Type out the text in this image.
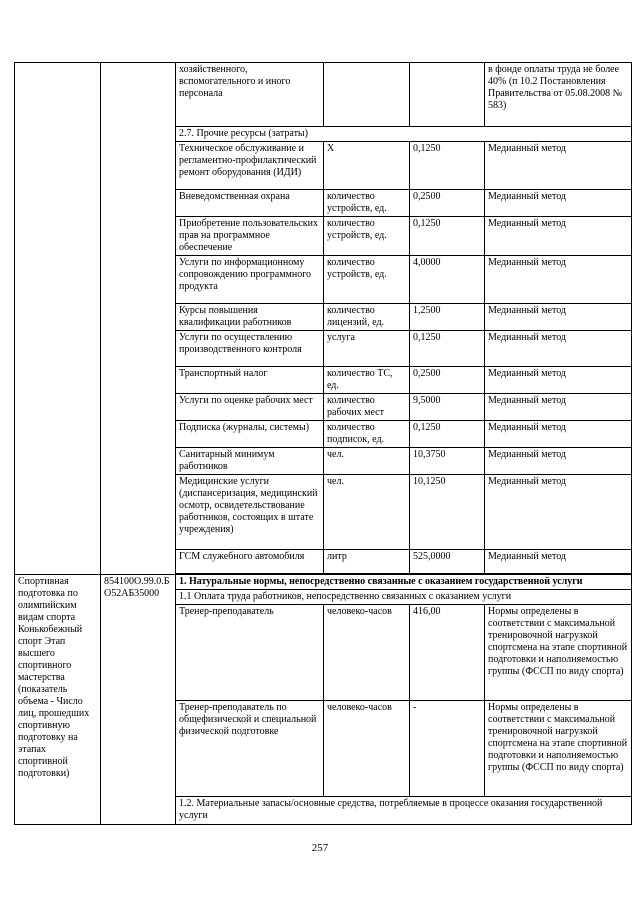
		хозяйственного, вспомогательного и иного персонала			в фонде оплаты труда не более 40% (п 10.2 Постановления Правительства от 05.08.2008 № 583)
		2.7. Прочие ресурсы (затраты)			
		Техническое обслуживание и регламентно-профилактический ремонт оборудования (ИДИ)	Х	0,1250	Медианный метод
		Вневедомственная охрана	количество устройств, ед.	0,2500	Медианный метод
		Приобретение пользовательских прав на программное обеспечение	количество устройств, ед.	0,1250	Медианный метод
		Услуги по информационному сопровождению программного продукта	количество устройств, ед.	4,0000	Медианный метод
		Курсы повышения квалификации работников	количество лицензий, ед.	1,2500	Медианный метод
		Услуги по осуществлению производственного контроля	услуга	0,1250	Медианный метод
		Транспортный налог	количество ТС, ед.	0,2500	Медианный метод
		Услуги по оценке рабочих мест	количество рабочих мест	9,5000	Медианный метод
		Подписка (журналы, системы)	количество подписок, ед.	0,1250	Медианный метод
		Санитарный минимум работников	чел.	10,3750	Медианный метод
		Медицинские услуги (диспансеризация, медицинский осмотр, освидетельствование работников, состоящих в штате учреждения)	чел.	10,1250	Медианный метод
		ГСМ служебного автомобиля	литр	525,0000	Медианный метод

Спортивная подготовка по олимпийским видам спорта Конькобежный спорт Этап высшего спортивного мастерства (показатель объема - Число лиц, прошедших спортивную подготовку на этапах спортивной подготовки)	854100О.99.0.БО52АБ35000	1. Натуральные нормы, непосредственно связанные с оказанием государственной услуги			
		1.1 Оплата труда работников, непосредственно связанных с оказанием услуги			
		Тренер-преподаватель	человеко-часов	416,00	Нормы определены в соответствии с максимальной тренировочной нагрузкой спортсмена на этапе спортивной подготовки и наполняемостью группы (ФССП по виду спорта)
		Тренер-преподаватель по общефизической и специальной физической подготовке	человеко-часов	-	Нормы определены в соответствии с максимальной тренировочной нагрузкой спортсмена на этапе спортивной подготовки и наполняемостью группы (ФССП по виду спорта)
		1.2. Материальные запасы/основные средства, потребляемые в процессе оказания государственной услуги			
257
